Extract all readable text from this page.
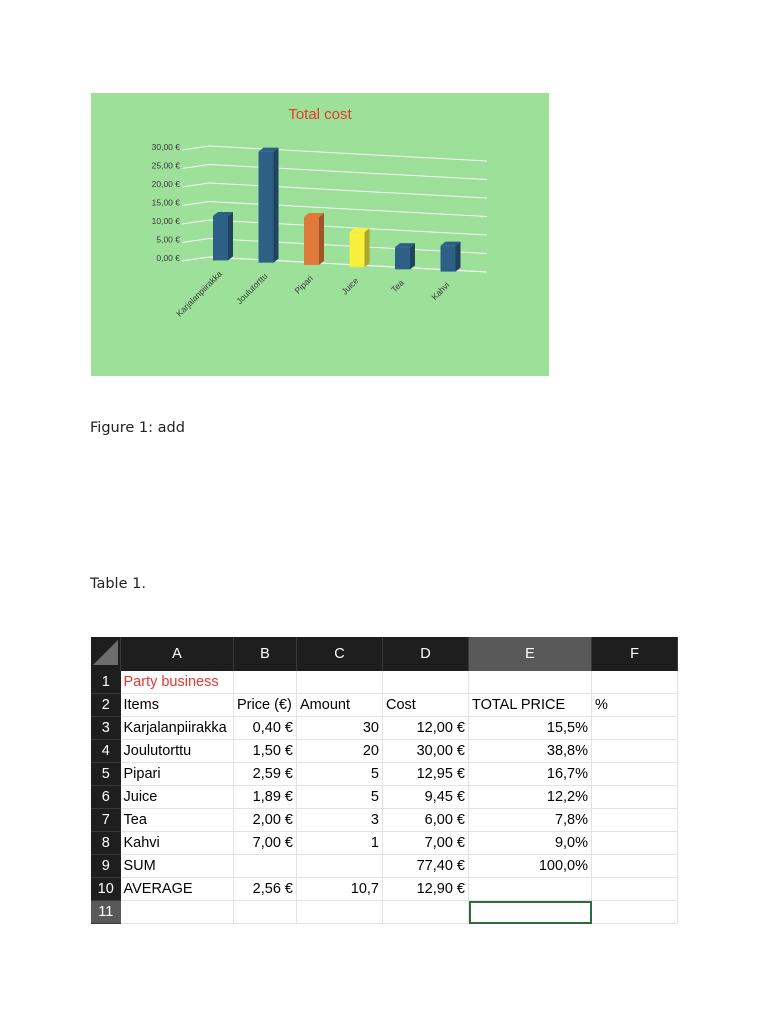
Total cost
0,00 €
5,00 €
10,00 €
15,00 €
20,00 €
25,00 €
30,00 €
Karjalanpiirakka Joulutorttu	Pipari	Juice	Tea	Kahvi
Figure 1: add
Table 1.
	A	B	C	D	E	F
1	Party business					
2	Items	Price (€)	Amount	Cost	TOTAL PRICE	%
3	Karjalanpiirakka	0,40 €	30	12,00 €	15,5%	
4	Joulutorttu	1,50 €	20	30,00 €	38,8%	
5	Pipari	2,59 €	5	12,95 €	16,7%	
6	Juice	1,89 €	5	9,45 €	12,2%	
7	Tea	2,00 €	3	6,00 €	7,8%	
8	Kahvi	7,00 €	1	7,00 €	9,0%	
9	SUM			77,40 €	100,0%	
10	AVERAGE	2,56 €	10,7	12,90 €		
11						
